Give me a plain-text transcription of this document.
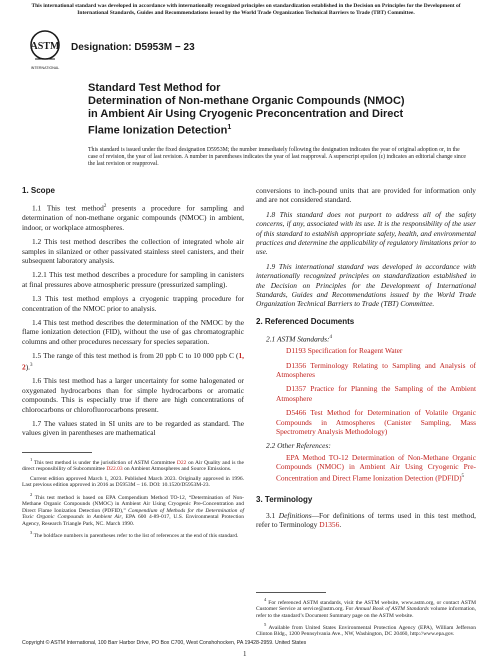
This international standard was developed in accordance with internationally recognized principles on standardization established in the Decision on Principles for the Development of International Standards, Guides and Recommendations issued by the World Trade Organization Technical Barriers to Trade (TBT) Committee.
ASTM
INTERNATIONAL
Designation: D5953M − 23
Standard Test Method for
Determination of Non-methane Organic Compounds (NMOC)
in Ambient Air Using Cryogenic Preconcentration and Direct
Flame Ionization Detection$^1$
This standard is issued under the fixed designation D5953M; the number immediately following the designation indicates the year of original adoption or, in the case of revision, the year of last revision. A number in parentheses indicates the year of last reapproval. A superscript epsilon (ε) indicates an editorial change since the last revision or reapproval.
1. Scope

1.1 This test method$^2$ presents a procedure for sampling and determination of non-methane organic compounds (NMOC) in ambient, indoor, or workplace atmospheres.

1.2 This test method describes the collection of integrated whole air samples in silanized or other passivated stainless steel canisters, and their subsequent laboratory analysis.

1.2.1 This test method describes a procedure for sampling in canisters at final pressures above atmospheric pressure (pressurized sampling).

1.3 This test method employs a cryogenic trapping procedure for concentration of the NMOC prior to analysis.

1.4 This test method describes the determination of the NMOC by the flame ionization detection (FID), without the use of gas chromatographic columns and other procedures necessary for species separation.

1.5 The range of this test method is from 20 ppb C to 10 000 ppb C (1, 2).$^3$

1.6 This test method has a larger uncertainty for some halogenated or oxygenated hydrocarbons than for simple hydrocarbons or aromatic compounds. This is especially true if there are high concentrations of chlorocarbons or chlorofluorocarbons present.

1.7 The values stated in SI units are to be regarded as standard. The values given in parentheses are mathematical

$^1$ This test method is under the jurisdiction of ASTM Committee D22 on Air Quality and is the direct responsibility of Subcommittee D22.03 on Ambient Atmospheres and Source Emissions.

Current edition approved March 1, 2023. Published March 2023. Originally approved in 1996. Last previous edition approved in 2016 as D5953M – 16. DOI: 10.1520/D5953M-23.

$^2$ This test method is based on EPA Compendium Method TO-12, “Determination of Non-Methane Organic Compounds (NMOC) in Ambient Air Using Cryogenic Pre-Concentration and Direct Flame Ionization Detection (PDFID),” Compendium of Methods for the Determination of Toxic Organic Compounds in Ambient Air, EPA 600 4-89-017, U.S. Environmental Protection Agency, Research Triangle Park, NC. March 1990.

$^3$ The boldface numbers in parentheses refer to the list of references at the end of this standard.

conversions to inch-pound units that are provided for information only and are not considered standard.

1.8 This standard does not purport to address all of the safety concerns, if any, associated with its use. It is the responsibility of the user of this standard to establish appropriate safety, health, and environmental practices and determine the applicability of regulatory limitations prior to use.

1.9 This international standard was developed in accordance with internationally recognized principles on standardization established in the Decision on Principles for the Development of International Standards, Guides and Recommendations issued by the World Trade Organization Technical Barriers to Trade (TBT) Committee.

2. Referenced Documents

2.1 ASTM Standards:$^4$

D1193 Specification for Reagent Water

D1356 Terminology Relating to Sampling and Analysis of Atmospheres

D1357 Practice for Planning the Sampling of the Ambient Atmosphere

D5466 Test Method for Determination of Volatile Organic Compounds in Atmospheres (Canister Sampling, Mass Spectrometry Analysis Methodology)

2.2 Other References:

EPA Method TO-12 Determination of Non-Methane Organic Compounds (NMOC) in Ambient Air Using Cryogenic Pre-Concentration and Direct Flame Ionization Detection (PDFID)$^5$

3. Terminology

3.1 Definitions—For definitions of terms used in this test method, refer to Terminology D1356.

$^4$ For referenced ASTM standards, visit the ASTM website, www.astm.org, or contact ASTM Customer Service at service@astm.org. For Annual Book of ASTM Standards volume information, refer to the standard’s Document Summary page on the ASTM website.

$^5$ Available from United States Environmental Protection Agency (EPA), William Jefferson Clinton Bldg., 1200 Pennsylvania Ave., NW, Washington, DC 20460, http://www.epa.gov.

Copyright © ASTM International, 100 Barr Harbor Drive, PO Box C700, West Conshohocken, PA 19428-2959. United States
1
